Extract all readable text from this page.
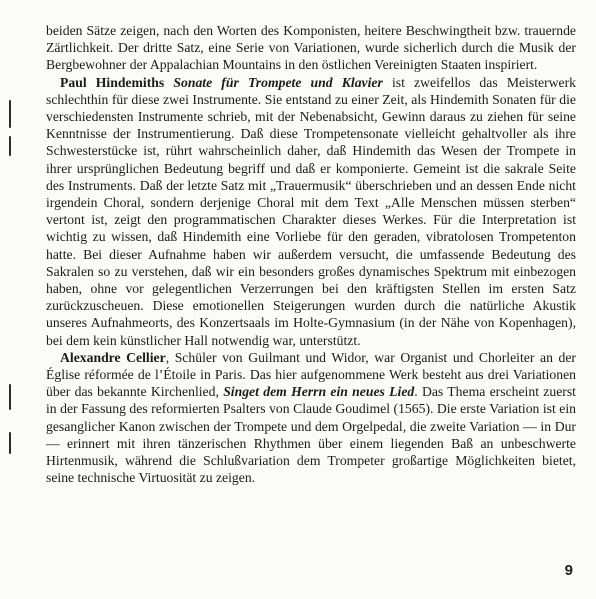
beiden Sätze zeigen, nach den Worten des Komponisten, heitere Beschwingtheit bzw. trauernde Zärtlichkeit. Der dritte Satz, eine Serie von Variationen, wurde sicherlich durch die Musik der Bergbewohner der Appalachian Mountains in den östlichen Vereinigten Staaten inspiriert.

Paul Hindemiths Sonate für Trompete und Klavier ist zweifellos das Meisterwerk schlechthin für diese zwei Instrumente. Sie entstand zu einer Zeit, als Hindemith Sonaten für die verschiedensten Instrumente schrieb, mit der Nebenabsicht, Gewinn daraus zu ziehen für seine Kenntnisse der Instrumentierung. Daß diese Trompetensonate vielleicht gehaltvoller als ihre Schwesterstücke ist, rührt wahrscheinlich daher, daß Hindemith das Wesen der Trompete in ihrer ursprünglichen Bedeutung begriff und daß er komponierte. Gemeint ist die sakrale Seite des Instruments. Daß der letzte Satz mit „Trauermusik“ überschrieben und an dessen Ende nicht irgendein Choral, sondern derjenige Choral mit dem Text „Alle Menschen müssen sterben“ vertont ist, zeigt den programmatischen Charakter dieses Werkes. Für die Interpretation ist wichtig zu wissen, daß Hindemith eine Vorliebe für den geraden, vibratolosen Trompetenton hatte. Bei dieser Aufnahme haben wir außerdem versucht, die umfassende Bedeutung des Sakralen so zu verstehen, daß wir ein besonders großes dynamisches Spektrum mit einbezogen haben, ohne vor gelegentlichen Verzerrungen bei den kräftigsten Stellen im ersten Satz zurückzuscheuen. Diese emotionellen Steigerungen wurden durch die natürliche Akustik unseres Aufnahmeorts, des Konzertsaals im Holte-Gymnasium (in der Nähe von Kopenhagen), bei dem kein künstlicher Hall notwendig war, unterstützt.

Alexandre Cellier, Schüler von Guilmant und Widor, war Organist und Chorleiter an der Église réformée de l’Étoile in Paris. Das hier aufgenommene Werk besteht aus drei Variationen über das bekannte Kirchenlied, Singet dem Herrn ein neues Lied. Das Thema erscheint zuerst in der Fassung des reformierten Psalters von Claude Goudimel (1565). Die erste Variation ist ein gesanglicher Kanon zwischen der Trompete und dem Orgelpedal, die zweite Variation — in Dur — erinnert mit ihren tänzerischen Rhythmen über einem liegenden Baß an unbeschwerte Hirtenmusik, während die Schlußvariation dem Trompeter großartige Möglichkeiten bietet, seine technische Virtuosität zu zeigen.

9
